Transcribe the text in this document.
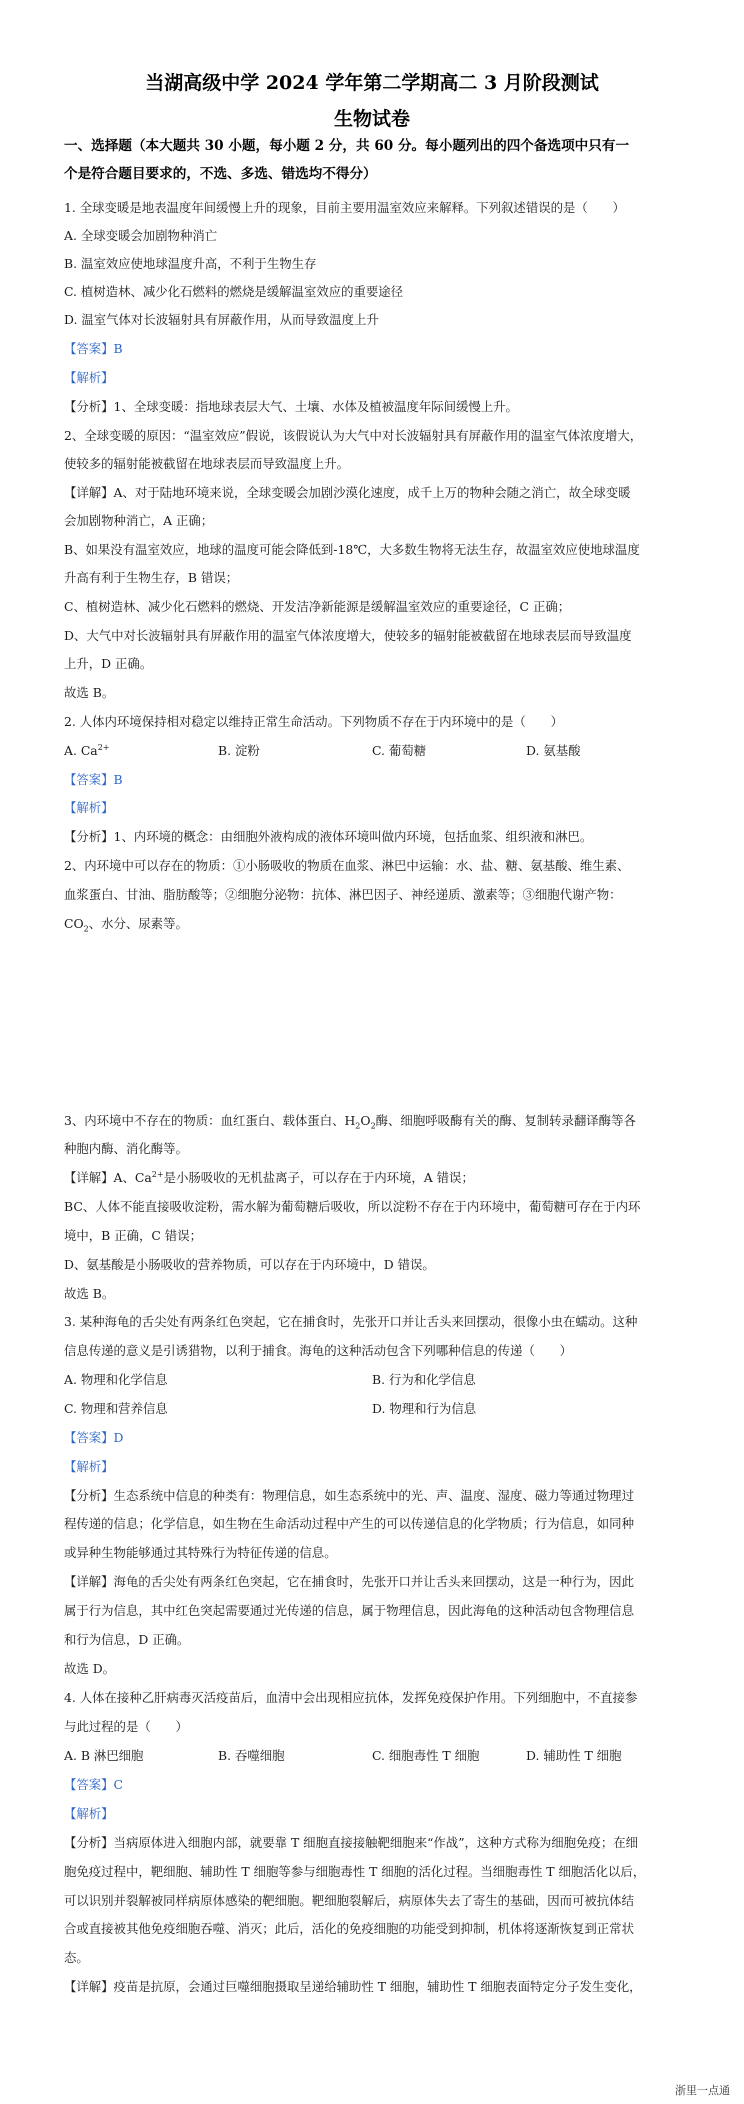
当湖高级中学 2024 学年第二学期高二 3 月阶段测试
生物试卷
一、选择题（本大题共 30 小题，每小题 2 分，共 60 分。每小题列出的四个备选项中只有一
个是符合题目要求的，不选、多选、错选均不得分）
1. 全球变暖是地表温度年间缓慢上升的现象，目前主要用温室效应来解释。下列叙述错误的是（　　）
A. 全球变暖会加剧物种消亡
B. 温室效应使地球温度升高，不利于生物生存
C. 植树造林、减少化石燃料的燃烧是缓解温室效应的重要途径
D. 温室气体对长波辐射具有屏蔽作用，从而导致温度上升
【答案】B
【解析】
【分析】1、全球变暖：指地球表层大气、土壤、水体及植被温度年际间缓慢上升。
2、全球变暖的原因：“温室效应”假说，该假说认为大气中对长波辐射具有屏蔽作用的温室气体浓度增大，
使较多的辐射能被截留在地球表层而导致温度上升。
【详解】A、对于陆地环境来说，全球变暖会加剧沙漠化速度，成千上万的物种会随之消亡，故全球变暖
会加剧物种消亡，A 正确；
B、如果没有温室效应，地球的温度可能会降低到-18℃，大多数生物将无法生存，故温室效应使地球温度
升高有利于生物生存，B 错误；
C、植树造林、减少化石燃料的燃烧、开发洁净新能源是缓解温室效应的重要途径，C 正确；
D、大气中对长波辐射具有屏蔽作用的温室气体浓度增大，使较多的辐射能被截留在地球表层而导致温度
上升，D 正确。
故选 B。
2. 人体内环境保持相对稳定以维持正常生命活动。下列物质不存在于内环境中的是（　　）
A. $Ca^{2+}$	B. 淀粉	C. 葡萄糖	D. 氨基酸
【答案】B
【解析】
【分析】1、内环境的概念：由细胞外液构成的液体环境叫做内环境，包括血浆、组织液和淋巴。
2、内环境中可以存在的物质：①小肠吸收的物质在血浆、淋巴中运输：水、盐、糖、氨基酸、维生素、
血浆蛋白、甘油、脂肪酸等；②细胞分泌物：抗体、淋巴因子、神经递质、激素等；③细胞代谢产物：
$CO_2$、水分、尿素等。
3、内环境中不存在的物质：血红蛋白、载体蛋白、$H_2O_2$酶、细胞呼吸酶有关的酶、复制转录翻译酶等各
种胞内酶、消化酶等。
【详解】A、$Ca^{2+}$是小肠吸收的无机盐离子，可以存在于内环境，A 错误；
BC、人体不能直接吸收淀粉，需水解为葡萄糖后吸收，所以淀粉不存在于内环境中，葡萄糖可存在于内环
境中，B 正确，C 错误；
D、氨基酸是小肠吸收的营养物质，可以存在于内环境中，D 错误。
故选 B。
3. 某种海龟的舌尖处有两条红色突起，它在捕食时，先张开口并让舌头来回摆动，很像小虫在蠕动。这种
信息传递的意义是引诱猎物，以利于捕食。海龟的这种活动包含下列哪种信息的传递（　　）
A. 物理和化学信息	B. 行为和化学信息
C. 物理和营养信息	D. 物理和行为信息
【答案】D
【解析】
【分析】生态系统中信息的种类有：物理信息，如生态系统中的光、声、温度、湿度、磁力等通过物理过
程传递的信息；化学信息，如生物在生命活动过程中产生的可以传递信息的化学物质；行为信息，如同种
或异种生物能够通过其特殊行为特征传递的信息。
【详解】海龟的舌尖处有两条红色突起，它在捕食时，先张开口并让舌头来回摆动，这是一种行为，因此
属于行为信息，其中红色突起需要通过光传递的信息，属于物理信息，因此海龟的这种活动包含物理信息
和行为信息，D 正确。
故选 D。
4. 人体在接种乙肝病毒灭活疫苗后，血清中会出现相应抗体，发挥免疫保护作用。下列细胞中，不直接参
与此过程的是（　　）
A. B 淋巴细胞	B. 吞噬细胞	C. 细胞毒性 T 细胞	D. 辅助性 T 细胞
【答案】C
【解析】
【分析】当病原体进入细胞内部，就要靠 T 细胞直接接触靶细胞来“作战”，这种方式称为细胞免疫；在细
胞免疫过程中，靶细胞、辅助性 T 细胞等参与细胞毒性 T 细胞的活化过程。当细胞毒性 T 细胞活化以后，
可以识别并裂解被同样病原体感染的靶细胞。靶细胞裂解后，病原体失去了寄生的基础，因而可被抗体结
合或直接被其他免疫细胞吞噬、消灭；此后，活化的免疫细胞的功能受到抑制，机体将逐渐恢复到正常状
态。
【详解】疫苗是抗原，会通过巨噬细胞摄取呈递给辅助性 T 细胞，辅助性 T 细胞表面特定分子发生变化，
浙里一点通
